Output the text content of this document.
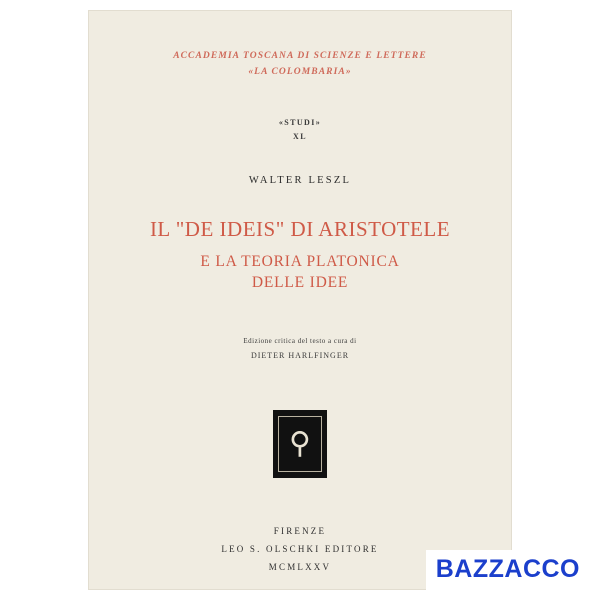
ACCADEMIA TOSCANA DI SCIENZE E LETTERE
«LA COLOMBARIA»
«STUDI»
XL
WALTER LESZL
IL "DE IDEIS" DI ARISTOTELE
E LA TEORIA PLATONICA
DELLE IDEE
Edizione critica del testo a cura di
DIETER HARLFINGER
⚲
FIRENZE
LEO S. OLSCHKI EDITORE
MCMLXXV	BAZZACCO
